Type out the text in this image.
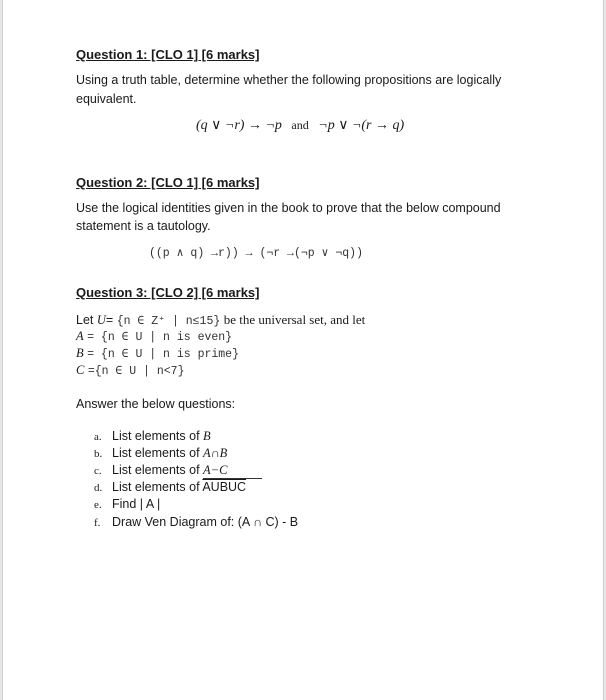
Question 1: [CLO 1] [6 marks]
Using a truth table, determine whether the following propositions are logically
equivalent.
(q ∨ ¬r) → ¬p and ¬p ∨ ¬(r → q)
Question 2: [CLO 1] [6 marks]
Use the logical identities given in the book to prove that the below compound
statement is a tautology.
((p ∧ q) →r)) → (¬r →(¬p ∨ ¬q))
Question 3: [CLO 2] [6 marks]
Let U= {n ∈ Z⁺ | n≤15} be the universal set, and let
A = {n ∈ U | n is even}
B = {n ∈ U | n is prime}
C ={n ∈ U | n<7}
Answer the below questions:
a. List elements of B
b. List elements of A∩B
c. List elements of A−C
d. List elements of AUBUC
e. Find | A |
f. Draw Ven Diagram of: (A ∩ C) - B
